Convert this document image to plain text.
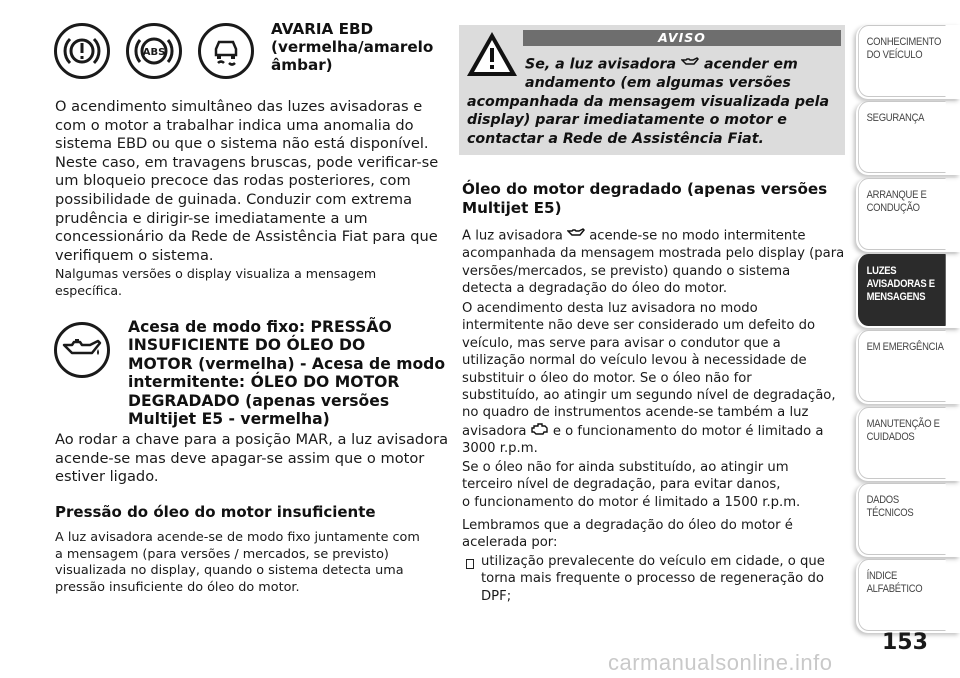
ABS
AVARIA EBD
(vermelha/amarelo
âmbar)
O acendimento simultâneo das luzes avisadoras e
com o motor a trabalhar indica uma anomalia do
sistema EBD ou que o sistema não está disponível.
Neste caso, em travagens bruscas, pode verificar-se
um bloqueio precoce das rodas posteriores, com
possibilidade de guinada. Conduzir com extrema
prudência e dirigir-se imediatamente a um
concessionário da Rede de Assistência Fiat para que
verifiquem o sistema.
Nalgumas versões o display visualiza a mensagem
específica.
Acesa de modo fixo: PRESSÃO
INSUFICIENTE DO ÓLEO DO
MOTOR (vermelha) - Acesa de modo
intermitente: ÓLEO DO MOTOR
DEGRADADO (apenas versões
Multijet E5 - vermelha)
Ao rodar a chave para a posição MAR, a luz avisadora
acende-se mas deve apagar-se assim que o motor
estiver ligado.
Pressão do óleo do motor insuficiente
A luz avisadora acende-se de modo fixo juntamente com
a mensagem (para versões / mercados, se previsto)
visualizada no display, quando o sistema detecta uma
pressão insuficiente do óleo do motor.
AVISO
Se, a luz avisadora acender em
andamento (em algumas versões
acompanhada da mensagem visualizada pela
display) parar imediatamente o motor e
contactar a Rede de Assistência Fiat.
Óleo do motor degradado (apenas versões
Multijet E5)
A luz avisadora acende-se no modo intermitente
acompanhada da mensagem mostrada pelo display (para
versões/mercados, se previsto) quando o sistema
detecta a degradação do óleo do motor.
O acendimento desta luz avisadora no modo
intermitente não deve ser considerado um defeito do
veículo, mas serve para avisar o condutor que a
utilização normal do veículo levou à necessidade de
substituir o óleo do motor. Se o óleo não for
substituído, ao atingir um segundo nível de degradação,
no quadro de instrumentos acende-se também a luz
avisadora e o funcionamento do motor é limitado a
3000 r.p.m.
Se o óleo não for ainda substituído, ao atingir um
terceiro nível de degradação, para evitar danos,
o funcionamento do motor é limitado a 1500 r.p.m.
Lembramos que a degradação do óleo do motor é
acelerada por:
utilização prevalecente do veículo em cidade, o que
torna mais frequente o processo de regeneração do
DPF;
CONHECIMENTO
DO VEÍCULO
SEGURANÇA
ARRANQUE E
CONDUÇÃO
LUZES
AVISADORAS E
MENSAGENS
EM EMERGÊNCIA
MANUTENÇÃO E
CUIDADOS
DADOS TÉCNICOS
ÍNDICE ALFABÉTICO
153
carmanualsonline.info
